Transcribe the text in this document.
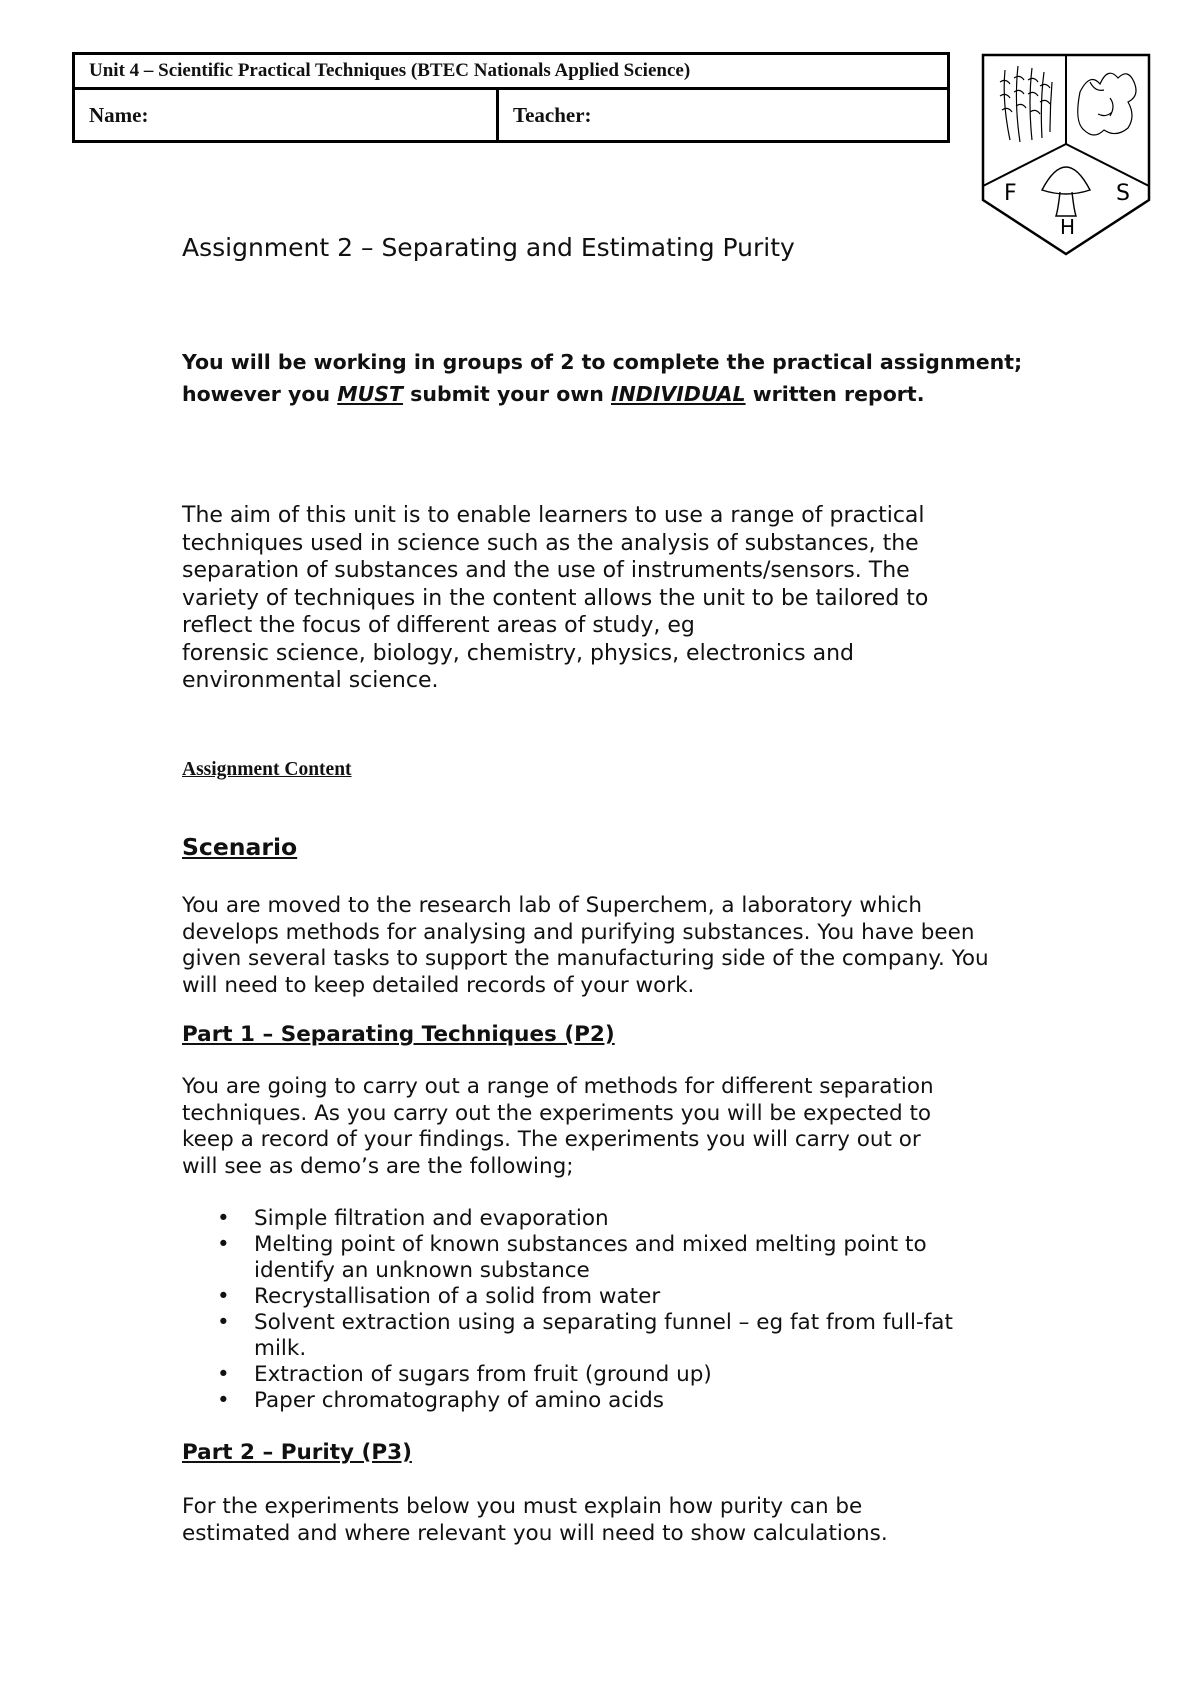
Unit 4 – Scientific Practical Techniques (BTEC Nationals Applied Science)
Name:	Teacher:
F	S
H
Assignment 2 – Separating and Estimating Purity

You will be working in groups of 2 to complete the practical assignment;
however you MUST submit your own INDIVIDUAL written report.

The aim of this unit is to enable learners to use a range of practical
techniques used in science such as the analysis of substances, the
separation of substances and the use of instruments/sensors. The
variety of techniques in the content allows the unit to be tailored to
reflect the focus of different areas of study, eg
forensic science, biology, chemistry, physics, electronics and
environmental science.

Assignment Content
Scenario

You are moved to the research lab of Superchem, a laboratory which
develops methods for analysing and purifying substances. You have been
given several tasks to support the manufacturing side of the company. You
will need to keep detailed records of your work.

Part 1 – Separating Techniques (P2)

You are going to carry out a range of methods for different separation
techniques. As you carry out the experiments you will be expected to
keep a record of your findings. The experiments you will carry out or
will see as demo’s are the following;

• Simple filtration and evaporation
• Melting point of known substances and mixed melting point to
identify an unknown substance
• Recrystallisation of a solid from water
• Solvent extraction using a separating funnel – eg fat from full-fat
milk.
• Extraction of sugars from fruit (ground up)
• Paper chromatography of amino acids
Part 2 – Purity (P3)

For the experiments below you must explain how purity can be
estimated and where relevant you will need to show calculations.
